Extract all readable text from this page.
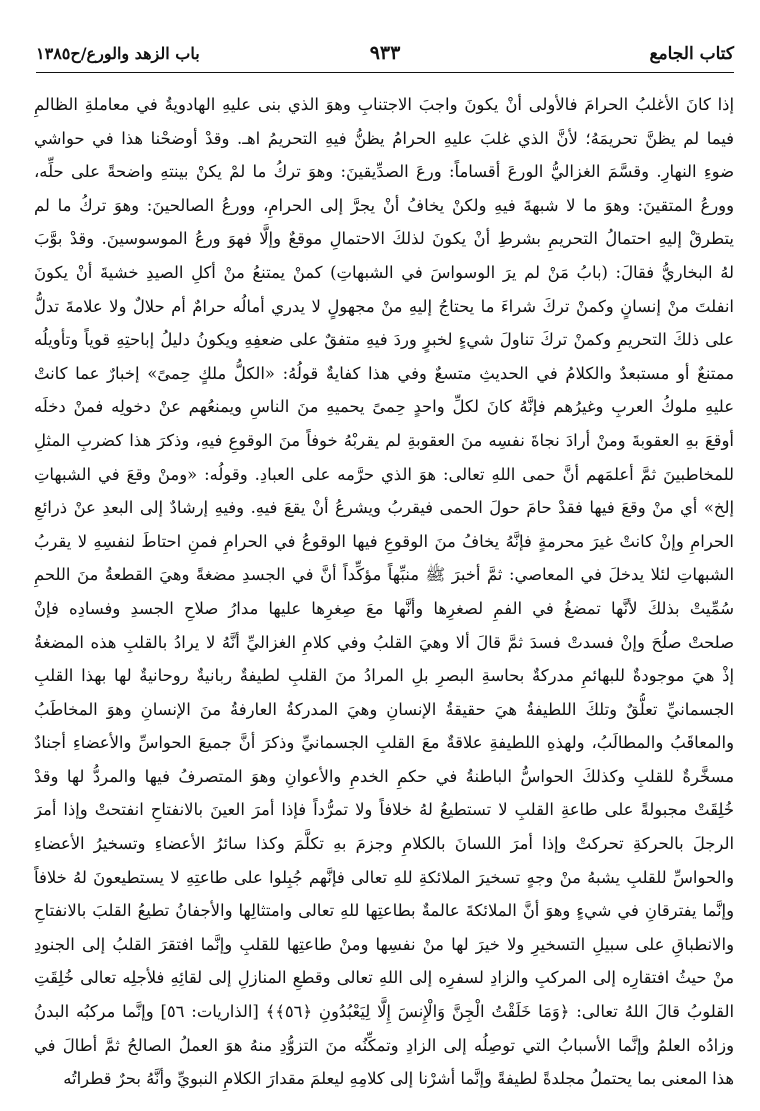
كتاب الجامع
٩٣٣
باب الزهد والورع/ح١٣٨٥
إذا كانَ الأغلبُ الحرامَ فالأولى أنْ يكونَ واجبَ الاجتنابِ وهوَ الذي بنى عليهِ الهادويةُ في معاملةِ الظالمِ
فيما لم يظنَّ تحريمَهُ؛ لأنَّ الذي غلبَ عليهِ الحرامُ يظنُّ فيهِ التحريمُ اهـ. وقدْ أوضحْنا هذا في حواشي
ضوءِ النهارِ. وقسَّمَ الغزاليُّ الورعَ أقساماً: ورعَ الصدِّيقينَ: وهوَ تركُ ما لمْ يكنْ بينتهِ واضحةً على حلِّه،
وورعُ المتقينَ: وهوَ ما لا شبهةَ فيهِ ولكنْ يخافُ أنْ يجرَّ إلى الحرامِ، وورعُ الصالحينَ: وهوَ تركُ ما لم
يتطرقْ إليهِ احتمالُ التحريمِ بشرطِ أنْ يكونَ لذلكَ الاحتمالِ موقعٌ وإلَّا فهوَ ورعُ الموسوسينَ. وقدْ بوَّبَ
لهُ البخاريُّ فقالَ: (بابُ مَنْ لم يرَ الوسواسَ في الشبهاتِ) كمنْ يمتنعُ منْ أكلِ الصيدِ خشيةَ أنْ يكونَ
انفلتَ منْ إنسانٍ وكمنْ تركَ شراءَ ما يحتاجُ إليهِ منْ مجهولٍ لا يدري أمالُه حرامٌ أم حلالٌ ولا علامةَ تدلُّ
على ذلكَ التحريمِ وكمنْ تركَ تناولَ شيءٍ لخبرٍ وردَ فيهِ متفقٌ على ضعفِهِ ويكونُ دليلُ إباحتِهِ قوياً وتأويلُه
ممتنعٌ أو مستبعدٌ والكلامُ في الحديثِ متسعٌ وفي هذا كفايةٌ قولُهُ: «الكلُّ ملكٍ حِمىً» إخبارٌ عما كانتْ
عليهِ ملوكُ العربِ وغيرُهم فإنَّهُ كانَ لكلِّ واحدٍ حِمىً يحميهِ منَ الناسِ ويمنعُهم عنْ دخولِه فمنْ دخلَه
أوقعَ بهِ العقوبةَ ومنْ أرادَ نجاةَ نفسِه منَ العقوبةِ لم يقربْهُ خوفاً منَ الوقوعِ فيهِ، وذكرَ هذا كضربِ المثلِ
للمخاطبينَ ثمَّ أعلمَهم أنَّ حمى اللهِ تعالى: هوَ الذي حرَّمه على العبادِ. وقولُه: «ومنْ وقعَ في الشبهاتِ
إلخ» أي منْ وقعَ فيها فقدْ حامَ حولَ الحمى فيقربُ ويشرعُ أنْ يقعَ فيهِ. وفيهِ إرشادٌ إلى البعدِ عنْ ذرائعِ
الحرامِ وإنْ كانتْ غيرَ محرمةٍ فإنَّهُ يخافُ منَ الوقوعِ فيها الوقوعُ في الحرامِ فمنِ احتاطَ لنفسِهِ لا يقربُ
الشبهاتِ لئلا يدخلَ في المعاصي: ثمَّ أخبرَ ﷺ منبِّهاً مؤكِّداً أنَّ في الجسدِ مضغةً وهيَ القطعةُ منَ اللحمِ
سُمِّيتْ بذلكَ لأنَّها تمضغُ في الفمِ لصغرِها وأنَّها معَ صِغرِها عليها مدارُ صلاحِ الجسدِ وفسادِه فإنْ
صلحتْ صلُحَ وإنْ فسدتْ فسدَ ثمَّ قالَ ألا وهيَ القلبُ وفي كلامِ الغزاليِّ أنَّهُ لا يرادُ بالقلبِ هذه المضغةُ
إذْ هيَ موجودةٌ للبهائمِ مدركةٌ بحاسةِ البصرِ بلِ المرادُ منَ القلبِ لطيفةٌ ربانيةٌ روحانيةٌ لها بهذا القلبِ
الجسمانيِّ تعلُّقٌ وتلكَ اللطيفةُ هيَ حقيقةُ الإنسانِ وهيَ المدركةُ العارفةُ منَ الإنسانِ وهوَ المخاطَبُ
والمعاقَبُ والمطالَبُ، ولهذهِ اللطيفةِ علاقةٌ معَ القلبِ الجسمانيِّ وذكرَ أنَّ جميعَ الحواسِّ والأعضاءِ أجنادٌ
مسخَّرةٌ للقلبِ وكذلكَ الحواسُّ الباطنةُ في حكمِ الخدمِ والأعوانِ وهوَ المتصرفُ فيها والمردُّ لها وقدْ
خُلِقَتْ مجبولةً على طاعةِ القلبِ لا تستطيعُ لهُ خلافاً ولا تمرُّداً فإذا أمرَ العينَ بالانفتاحِ انفتحتْ وإذا أمرَ
الرجلَ بالحركةِ تحركتْ وإذا أمرَ اللسانَ بالكلامِ وجزمَ بهِ تكلَّمَ وكذا سائرُ الأعضاءِ وتسخيرُ الأعضاءِ
والحواسِّ للقلبِ يشبهُ منْ وجهٍ تسخيرَ الملائكةِ للهِ تعالى فإنَّهم جُبِلوا على طاعتِهِ لا يستطيعونَ لهُ خلافاً
وإنَّما يفترقانِ في شيءٍ وهوَ أنَّ الملائكةَ عالمةٌ بطاعتِها للهِ تعالى وامتثالِها والأجفانُ تطيعُ القلبَ بالانفتاحِ
والانطباقِ على سبيلِ التسخيرِ ولا خيرَ لها منْ نفسِها ومنْ طاعتِها للقلبِ وإنَّما افتقرَ القلبُ إلى الجنودِ
منْ حيثُ افتقارِه إلى المركبِ والزادِ لسفرِه إلى اللهِ تعالى وقطعِ المنازلِ إلى لقائِهِ فلأجلِه تعالى خُلِقَتِ
القلوبُ قالَ اللهُ تعالى: ﴿وَمَا خَلَقْتُ الْجِنَّ وَالْإِنسَ إِلَّا لِيَعْبُدُونِ ﴿٥٦﴾﴾ [الذاريات: ٥٦] وإنَّما مركبُه البدنُ
وزادُه العلمُ وإنَّما الأسبابُ التي توصِلُه إلى الزادِ وتمكِّنُه منَ التزوُّدِ منهُ هوَ العملُ الصالحُ ثمَّ أطالَ في
هذا المعنى بما يحتملُ مجلدةً لطيفةً وإنَّما أشرْنا إلى كلامِهِ ليعلمَ مقدارَ الكلامِ النبويِّ وأنَّهُ بحرٌ قطراتُه
